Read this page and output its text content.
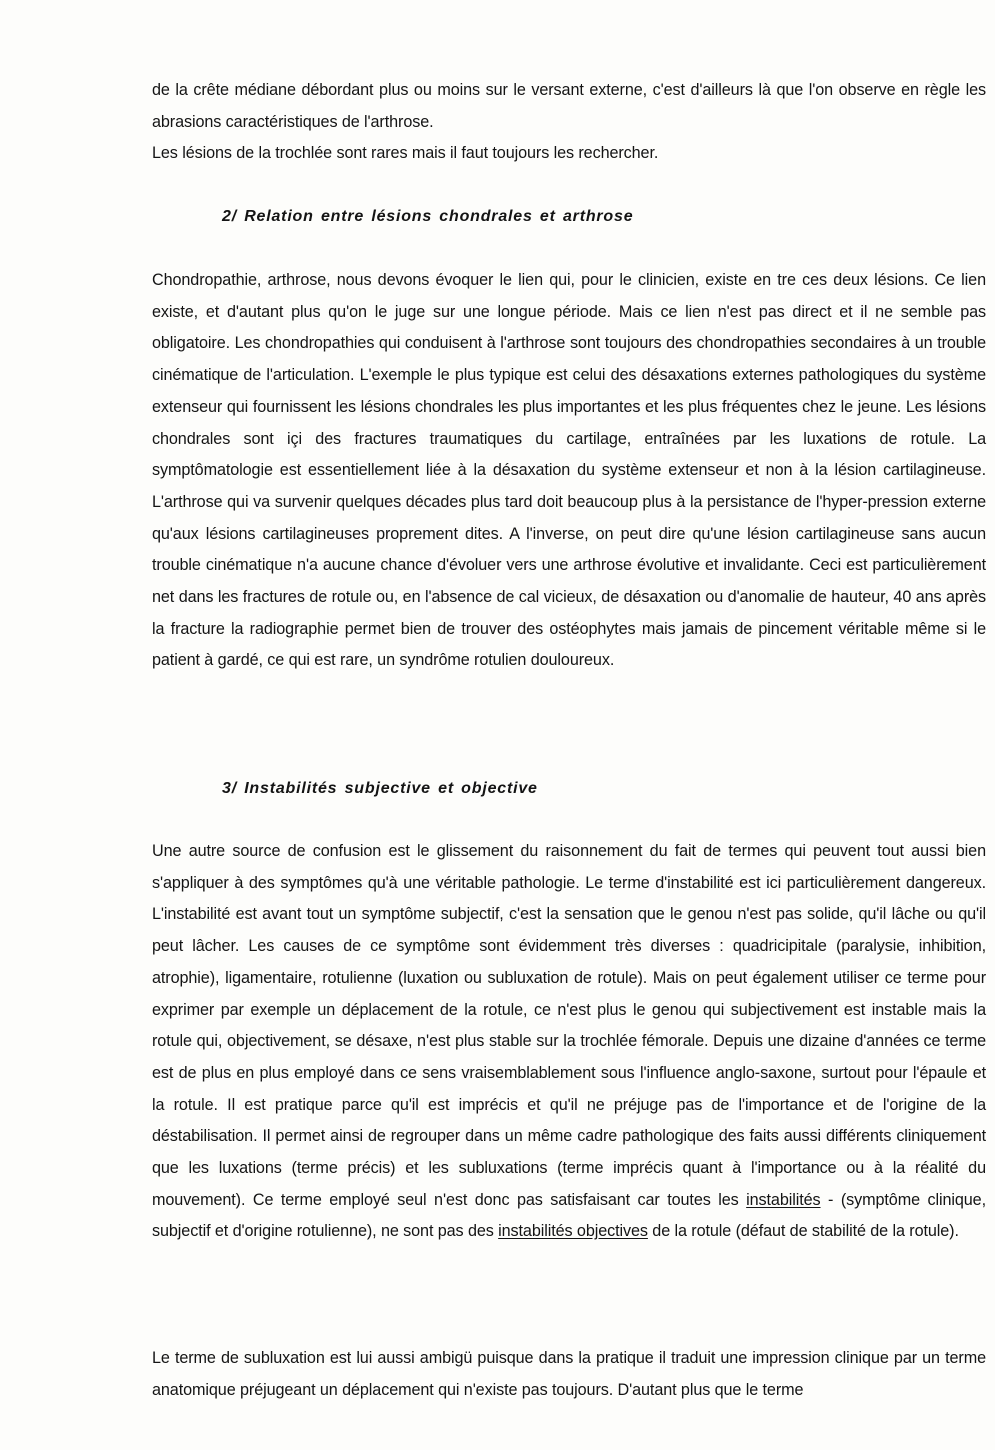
de la crête médiane débordant plus ou moins sur le versant externe, c'est d'ailleurs là que l'on observe en règle les abrasions caractéristiques de l'arthrose.

Les lésions de la trochlée sont rares mais il faut toujours les rechercher.

2/ Relation entre lésions chondrales et arthrose

Chondropathie, arthrose, nous devons évoquer le lien qui, pour le clinicien, existe en tre ces deux lésions. Ce lien existe, et d'autant plus qu'on le juge sur une longue période. Mais ce lien n'est pas direct et il ne semble pas obligatoire. Les chondropathies qui conduisent à l'arthrose sont toujours des chondropathies secondaires à un trouble cinématique de l'articulation. L'exemple le plus typique est celui des désaxations externes pathologiques du système extenseur qui fournissent les lésions chondrales les plus importantes et les plus fréquentes chez le jeune. Les lésions chondrales sont içi des fractures traumatiques du cartilage, entraînées par les luxations de rotule. La symptômatologie est essentiellement liée à la désaxation du système extenseur et non à la lésion cartilagineuse. L'arthrose qui va survenir quelques décades plus tard doit beaucoup plus à la persistance de l'hyper-pression externe qu'aux lésions cartilagineuses proprement dites. A l'inverse, on peut dire qu'une lésion cartilagineuse sans aucun trouble cinématique n'a aucune chance d'évoluer vers une arthrose évolutive et invalidante. Ceci est particulièrement net dans les fractures de rotule ou, en l'absence de cal vicieux, de désaxation ou d'anomalie de hauteur, 40 ans après la fracture la radiographie permet bien de trouver des ostéophytes mais jamais de pincement véritable même si le patient à gardé, ce qui est rare, un syndrôme rotulien douloureux.

3/ Instabilités subjective et objective

Une autre source de confusion est le glissement du raisonnement du fait de termes qui peuvent tout aussi bien s'appliquer à des symptômes qu'à une véritable pathologie. Le terme d'instabilité est ici particulièrement dangereux. L'instabilité est avant tout un symptôme subjectif, c'est la sensation que le genou n'est pas solide, qu'il lâche ou qu'il peut lâcher. Les causes de ce symptôme sont évidemment très diverses : quadricipitale (paralysie, inhibition, atrophie), ligamentaire, rotulienne (luxation ou subluxation de rotule). Mais on peut également utiliser ce terme pour exprimer par exemple un déplacement de la rotule, ce n'est plus le genou qui subjectivement est instable mais la rotule qui, objectivement, se désaxe, n'est plus stable sur la trochlée fémorale. Depuis une dizaine d'années ce terme est de plus en plus employé dans ce sens vraisemblablement sous l'influence anglo-saxone, surtout pour l'épaule et la rotule. Il est pratique parce qu'il est imprécis et qu'il ne préjuge pas de l'importance et de l'origine de la déstabilisation. Il permet ainsi de regrouper dans un même cadre pathologique des faits aussi différents cliniquement que les luxations (terme précis) et les subluxations (terme imprécis quant à l'importance ou à la réalité du mouvement). Ce terme employé seul n'est donc pas satisfaisant car toutes les instabilités - (symptôme clinique, subjectif et d'origine rotulienne), ne sont pas des instabilités objectives de la rotule (défaut de stabilité de la rotule).

Le terme de subluxation est lui aussi ambigü puisque dans la pratique il traduit une impression clinique par un terme anatomique préjugeant un déplacement qui n'existe pas toujours. D'autant plus que le terme
